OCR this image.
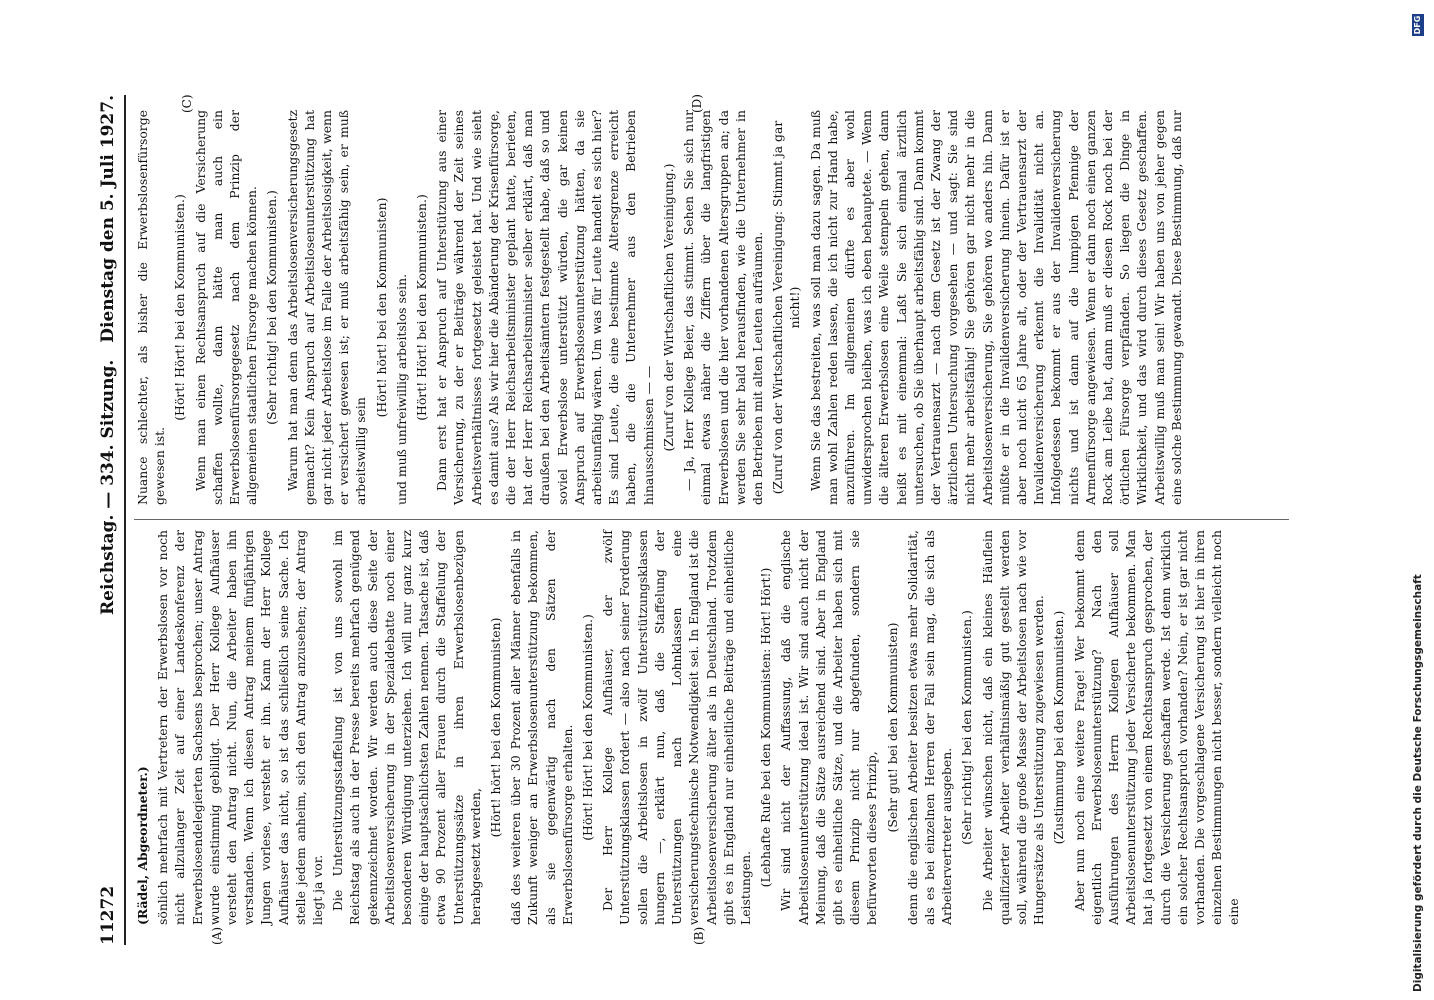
11272
Reichstag. — 334. Sitzung.
Dienstag den 5. Juli 1927.
(A)	(B)
(C)	(D)

(Rädel, Abgeordneter.) sönlich mehrfach mit Vertretern der Erwerbslosen vor noch nicht allzulanger Zeit auf einer Landeskonferenz der Erwerbslosendelegierten Sachsens besprochen; unser Antrag wurde einstimmig gebilligt. Der Herr Kollege Aufhäuser versteht den Antrag nicht. Nun, die Arbeiter haben ihn verstanden. Wenn ich diesen Antrag meinem fünfjährigen Jungen vorlese, versteht er ihn. Kann der Herr Kollege Aufhäuser das nicht, so ist das schließlich seine Sache. Ich stelle jedem anheim, sich den Antrag anzusehen; der Antrag liegt ja vor. Die Unterstützungsstaffelung ist von uns sowohl im Reichstag als auch in der Presse bereits mehrfach genügend gekennzeichnet worden. Wir werden auch diese Seite der Arbeitslosenversicherung in der Spezialdebatte noch einer besonderen Würdigung unterziehen. Ich will nur ganz kurz einige der hauptsächlichsten Zahlen nennen. Tatsache ist, daß etwa 90 Prozent aller Frauen durch die Staffelung der Unterstützungssätze in ihren Erwerbslosenbezügen herabgesetzt werden,

(Hört! hört! bei den Kommunisten) daß des weiteren über 30 Prozent aller Männer ebenfalls in Zukunft weniger an Erwerbslosenunterstützung bekommen, als sie gegenwärtig nach den Sätzen der Erwerbslosenfürsorge erhalten. (Hört! Hört! bei den Kommunisten.) Der Herr Kollege Aufhäuser, der zwölf Unterstützungsklassen fordert — also nach seiner Forderung sollen die Arbeitslosen in zwölf Unterstützungsklassen hungern —, erklärt nun, daß die Staffelung der Unterstützungen nach Lohnklassen eine versicherungstechnische Notwendigkeit sei. In England ist die Arbeitslosenversicherung älter als in Deutschland. Trotzdem gibt es in England nur einheitliche Beiträge und einheitliche Leistungen.

(Lebhafte Rufe bei den Kommunisten: Hört! Hört!) Wir sind nicht der Auffassung, daß die englische Arbeitslosenunterstützung ideal ist. Wir sind auch nicht der Meinung, daß die Sätze ausreichend sind. Aber in England gibt es einheitliche Sätze, und die Arbeiter haben sich mit diesem Prinzip nicht nur abgefunden, sondern sie befürworten dieses Prinzip,

(Sehr gut! bei den Kommunisten) denn die englischen Arbeiter besitzen etwas mehr Solidarität, als es bei einzelnen Herren der Fall sein mag, die sich als Arbeitervertreter ausgeben. (Sehr richtig! bei den Kommunisten.) Die Arbeiter wünschen nicht, daß ein kleines Häuflein qualifizierter Arbeiter verhältnismäßig gut gestellt werden soll, während die große Masse der Arbeitslosen nach wie vor Hungersätze als Unterstützung zugewiesen werden. (Zustimmung bei den Kommunisten.) Aber nun noch eine weitere Frage! Wer bekommt denn eigentlich Erwerbslosenunterstützung? Nach den Ausführungen des Herrn Kollegen Aufhäuser soll Arbeitslosenunterstützung jeder Versicherte bekommen. Man hat ja fortgesetzt von einem Rechtsanspruch gesprochen, der durch die Versicherung geschaffen werde. Ist denn wirklich ein solcher Rechtsanspruch vorhanden? Nein, er ist gar nicht vorhanden. Die vorgeschlagene Versicherung ist hier in ihren einzelnen Bestimmungen nicht besser, sondern vielleicht noch eine

Nuance schlechter, als bisher die Erwerbslosenfürsorge gewesen ist.

(Hört! Hört! bei den Kommunisten.) Wenn man einen Rechtsanspruch auf die Versicherung schaffen wollte, dann hätte man auch ein Erwerbslosenfürsorgegesetz nach dem Prinzip der allgemeinen staatlichen Fürsorge machen können. (Sehr richtig! bei den Kommunisten.) Warum hat man denn das Arbeitslosenversicherungsgesetz gemacht? Kein Anspruch auf Arbeitslosenunterstützung hat gar nicht jeder Arbeitslose im Falle der Arbeitslosigkeit, wenn er versichert gewesen ist; er muß arbeitsfähig sein, er muß arbeitswillig sein

(Hört! hört! bei den Kommunisten) und muß unfreiwillig arbeitslos sein. (Hört! Hört! bei den Kommunisten.) Dann erst hat er Anspruch auf Unterstützung aus einer Versicherung, zu der er Beiträge während der Zeit seines Arbeitsverhältnisses fortgesetzt geleistet hat. Und wie sieht es damit aus? Als wir hier die Abänderung der Krisenfürsorge, die der Herr Reichsarbeitsminister geplant hatte, berieten, hat der Herr Reichsarbeitsminister selber erklärt, daß man draußen bei den Arbeitsämtern festgestellt habe, daß so und soviel Erwerbslose unterstützt würden, die gar keinen Anspruch auf Erwerbslosenunterstützung hätten, da sie arbeitsunfähig wären. Um was für Leute handelt es sich hier? Es sind Leute, die eine bestimmte Altersgrenze erreicht haben, die die Unternehmer aus den Betrieben hinausschmissen — — (Zuruf von der Wirtschaftlichen Vereinigung.) — Ja, Herr Kollege Beier, das stimmt. Sehen Sie sich nur einmal etwas näher die Ziffern über die langfristigen Erwerbslosen und die hier vorhandenen Altersgruppen an; da werden Sie sehr bald herausfinden, wie die Unternehmer in den Betrieben mit alten Leuten aufräumen. (Zuruf von der Wirtschaftlichen Vereinigung: Stimmt ja gar nicht!) Wenn Sie das bestreiten, was soll man dazu sagen. Da muß man wohl Zahlen reden lassen, die ich nicht zur Hand habe, anzuführen. Im allgemeinen dürfte es aber wohl unwidersprochen bleiben, was ich eben behauptete. — Wenn die älteren Erwerbslosen eine Weile stempeln gehen, dann heißt es mit einemmal: Laßt Sie sich einmal ärztlich untersuchen, ob Sie überhaupt arbeitsfähig sind. Dann kommt der Vertrauensarzt — nach dem Gesetz ist der Zwang der ärztlichen Untersuchung vorgesehen — und sagt: Sie sind nicht mehr arbeitsfähig! Sie gehören gar nicht mehr in die Arbeitslosenversicherung, Sie gehören wo anders hin. Dann müßte er in die Invalidenversicherung hinein. Dafür ist er aber noch nicht 65 Jahre alt, oder der Vertrauensarzt der Invalidenversicherung erkennt die Invalidität nicht an. Infolgedessen bekommt er aus der Invalidenversicherung nichts und ist dann auf die lumpigen Pfennige der Armenfürsorge angewiesen. Wenn er dann noch einen ganzen Rock am Leibe hat, dann muß er diesen Rock noch bei der örtlichen Fürsorge verpfänden. So liegen die Dinge in Wirklichkeit, und das wird durch dieses Gesetz geschaffen. Arbeitswillig muß man sein! Wir haben uns von jeher gegen eine solche Bestimmung gewandt. Diese Bestimmung, daß nur

Digitalisierung gefördert durch die Deutsche Forschungsgemeinschaft
DFG
